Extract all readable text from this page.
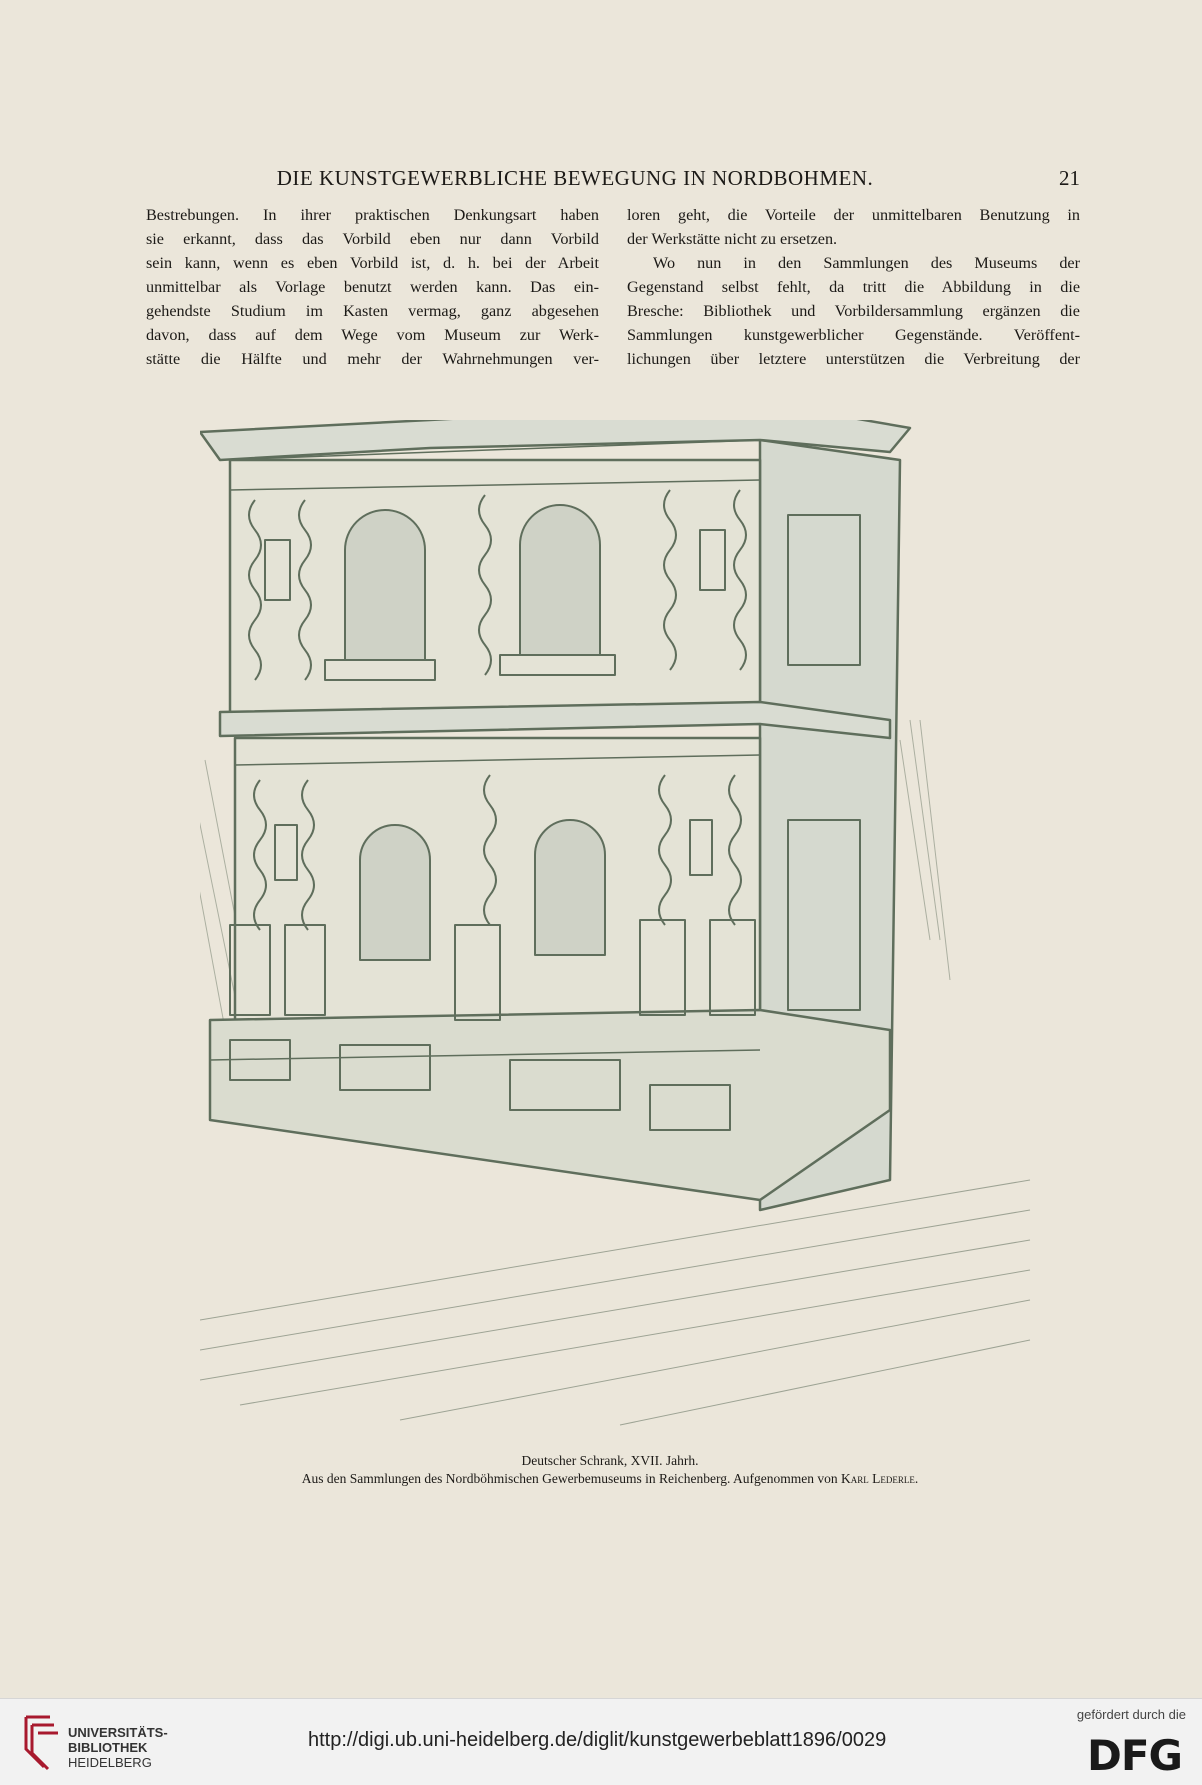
DIE KUNSTGEWERBLICHE BEWEGUNG IN NORDBOHMEN.	21

Bestrebungen. In ihrer praktischen Denkungsart haben

sie erkannt, dass das Vorbild eben nur dann Vorbild

sein kann, wenn es eben Vorbild ist, d. h. bei der Arbeit

unmittelbar als Vorlage benutzt werden kann. Das ein-

gehendste Studium im Kasten vermag, ganz abgesehen

davon, dass auf dem Wege vom Museum zur Werk-

stätte die Hälfte und mehr der Wahrnehmungen ver-

loren geht, die Vorteile der unmittelbaren Benutzung in

der Werkstätte nicht zu ersetzen.

Wo nun in den Sammlungen des Museums der

Gegenstand selbst fehlt, da tritt die Abbildung in die

Bresche: Bibliothek und Vorbildersammlung ergänzen die

Sammlungen kunstgewerblicher Gegenstände. Veröffent-

lichungen über letztere unterstützen die Verbreitung der

Deutscher Schrank, XVII. Jahrh.
Aus den Sammlungen des Nordböhmischen Gewerbemuseums in Reichenberg. Aufgenommen von Karl Lederle.
UNIVERSITÄTS-
BIBLIOTHEK
HEIDELBERG
http://digi.ub.uni-heidelberg.de/diglit/kunstgewerbeblatt1896/0029
gefördert durch die
DFG
